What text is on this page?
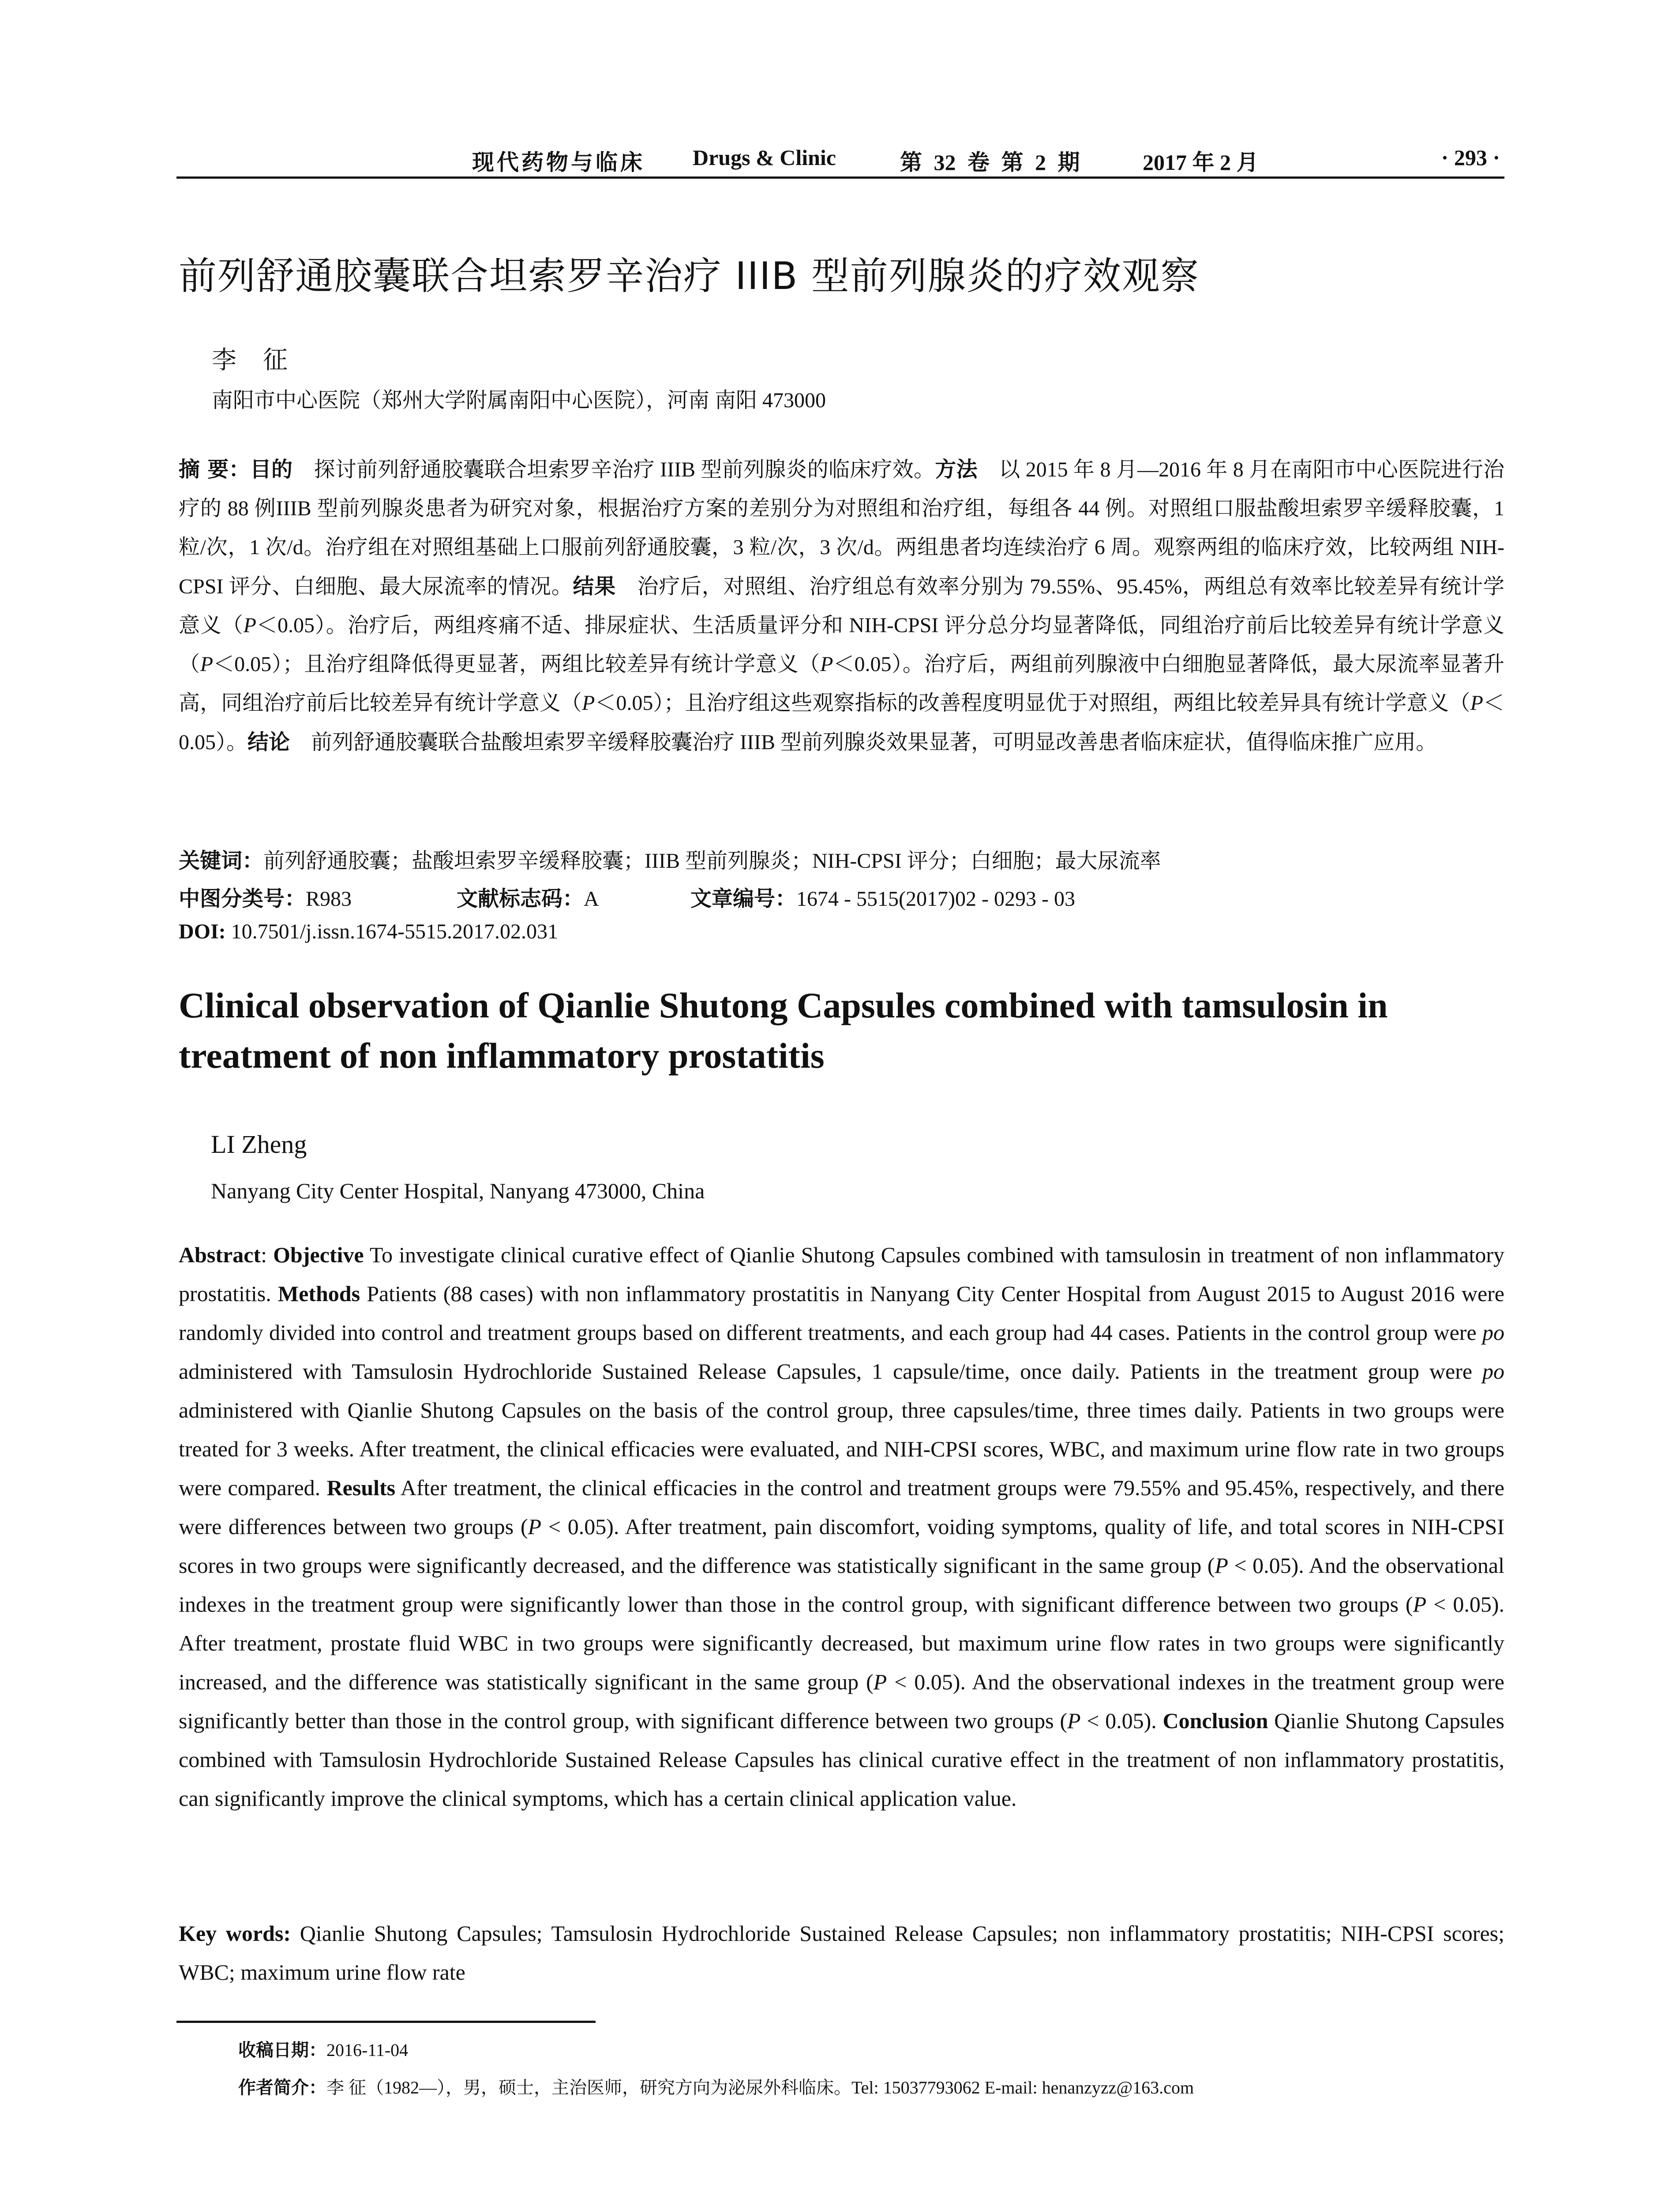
现代药物与临床 Drugs & Clinic	第 32 卷 第 2 期	2017 年 2 月	· 293 ·
前列舒通胶囊联合坦索罗辛治疗 IIIB 型前列腺炎的疗效观察
李征
南阳市中心医院（郑州大学附属南阳中心医院），河南 南阳 473000
摘 要：目的　探讨前列舒通胶囊联合坦索罗辛治疗 IIIB 型前列腺炎的临床疗效。方法　以 2015 年 8 月—2016 年 8 月在南阳市中心医院进行治疗的 88 例IIIB 型前列腺炎患者为研究对象，根据治疗方案的差别分为对照组和治疗组，每组各 44 例。对照组口服盐酸坦索罗辛缓释胶囊，1 粒/次，1 次/d。治疗组在对照组基础上口服前列舒通胶囊，3 粒/次，3 次/d。两组患者均连续治疗 6 周。观察两组的临床疗效，比较两组 NIH-CPSI 评分、白细胞、最大尿流率的情况。结果　治疗后，对照组、治疗组总有效率分别为 79.55%、95.45%，两组总有效率比较差异有统计学意义（P＜0.05）。治疗后，两组疼痛不适、排尿症状、生活质量评分和 NIH-CPSI 评分总分均显著降低，同组治疗前后比较差异有统计学意义（P＜0.05）；且治疗组降低得更显著，两组比较差异有统计学意义（P＜0.05）。治疗后，两组前列腺液中白细胞显著降低，最大尿流率显著升高，同组治疗前后比较差异有统计学意义（P＜0.05）；且治疗组这些观察指标的改善程度明显优于对照组，两组比较差异具有统计学意义（P＜0.05）。结论　前列舒通胶囊联合盐酸坦索罗辛缓释胶囊治疗 IIIB 型前列腺炎效果显著，可明显改善患者临床症状，值得临床推广应用。
关键词：前列舒通胶囊；盐酸坦索罗辛缓释胶囊；IIIB 型前列腺炎；NIH-CPSI 评分；白细胞；最大尿流率
中图分类号：R983	文献标志码：A	文章编号：1674 - 5515(2017)02 - 0293 - 03
DOI: 10.7501/j.issn.1674-5515.2017.02.031
Clinical observation of Qianlie Shutong Capsules combined with tamsulosin in treatment of non inflammatory prostatitis
LI Zheng
Nanyang City Center Hospital, Nanyang 473000, China
Abstract: Objective To investigate clinical curative effect of Qianlie Shutong Capsules combined with tamsulosin in treatment of non inflammatory prostatitis. Methods Patients (88 cases) with non inflammatory prostatitis in Nanyang City Center Hospital from August 2015 to August 2016 were randomly divided into control and treatment groups based on different treatments, and each group had 44 cases. Patients in the control group were po administered with Tamsulosin Hydrochloride Sustained Release Capsules, 1 capsule/time, once daily. Patients in the treatment group were po administered with Qianlie Shutong Capsules on the basis of the control group, three capsules/time, three times daily. Patients in two groups were treated for 3 weeks. After treatment, the clinical efficacies were evaluated, and NIH-CPSI scores, WBC, and maximum urine flow rate in two groups were compared. Results After treatment, the clinical efficacies in the control and treatment groups were 79.55% and 95.45%, respectively, and there were differences between two groups (P < 0.05). After treatment, pain discomfort, voiding symptoms, quality of life, and total scores in NIH-CPSI scores in two groups were significantly decreased, and the difference was statistically significant in the same group (P < 0.05). And the observational indexes in the treatment group were significantly lower than those in the control group, with significant difference between two groups (P < 0.05). After treatment, prostate fluid WBC in two groups were significantly decreased, but maximum urine flow rates in two groups were significantly increased, and the difference was statistically significant in the same group (P < 0.05). And the observational indexes in the treatment group were significantly better than those in the control group, with significant difference between two groups (P < 0.05). Conclusion Qianlie Shutong Capsules combined with Tamsulosin Hydrochloride Sustained Release Capsules has clinical curative effect in the treatment of non inflammatory prostatitis, can significantly improve the clinical symptoms, which has a certain clinical application value.
Key words: Qianlie Shutong Capsules; Tamsulosin Hydrochloride Sustained Release Capsules; non inflammatory prostatitis; NIH-CPSI scores; WBC; maximum urine flow rate
收稿日期：2016-11-04
作者简介：李 征（1982—），男，硕士，主治医师，研究方向为泌尿外科临床。Tel: 15037793062 E-mail: henanzyzz@163.com
